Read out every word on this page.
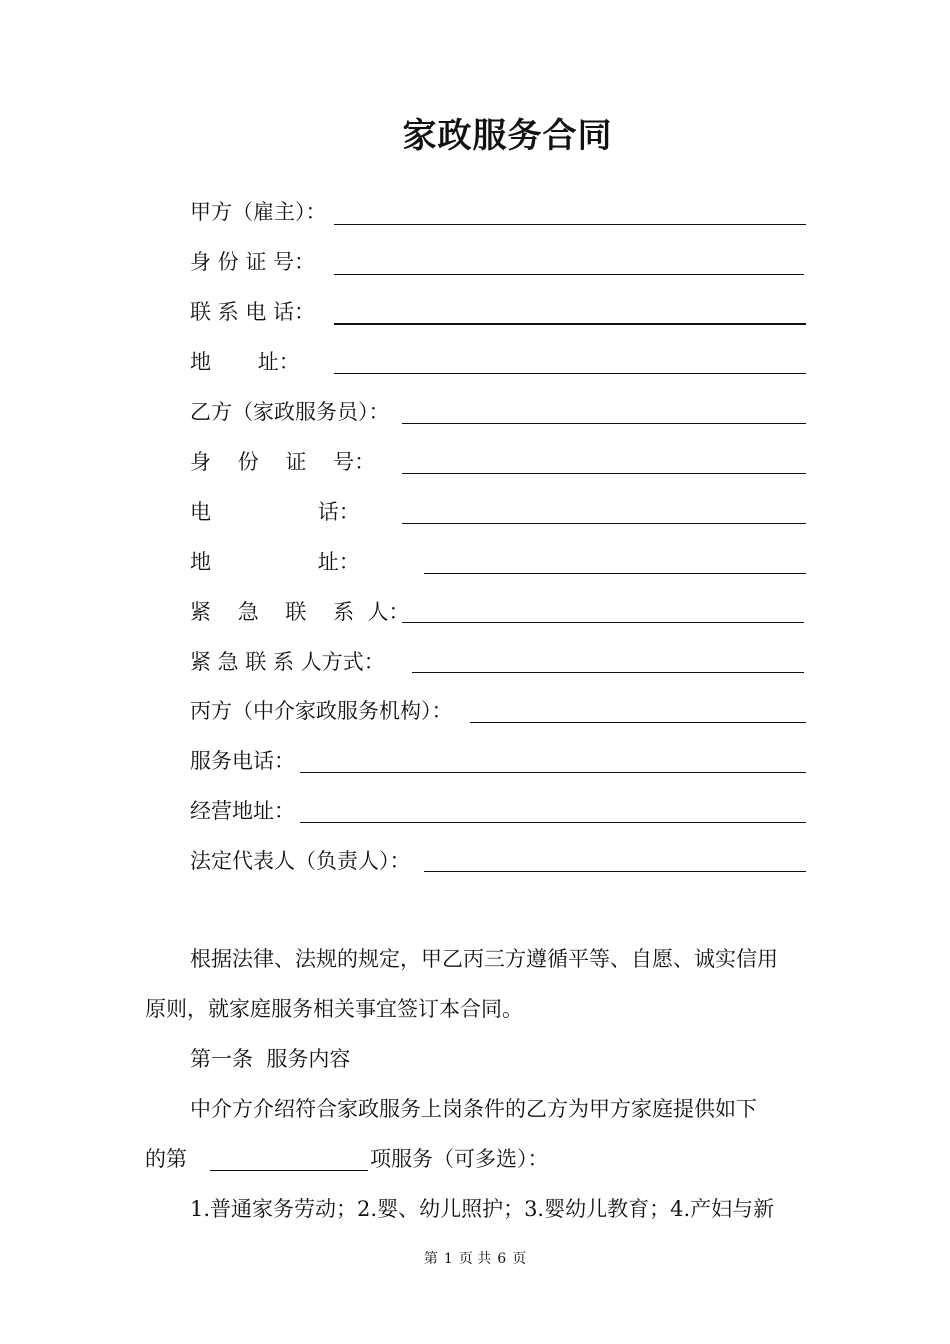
家政服务合同
甲方（雇主）：
身 份 证 号：
联 系 电 话：
地       址：
乙方（家政服务员）：
身    份    证    号：
电                话：
地                址：
紧    急    联    系  人：
紧 急 联 系 人方式：
丙方（中介家政服务机构）：
服务电话：
经营地址：
法定代表人（负责人）：
根据法律、法规的规定，甲乙丙三方遵循平等、自愿、诚实信用
原则，就家庭服务相关事宜签订本合同。
第一条  服务内容
中介方介绍符合家政服务上岗条件的乙方为甲方家庭提供如下
的第	项服务（可多选）：
1.普通家务劳动；2.婴、幼儿照护；3.婴幼儿教育；4.产妇与新
第 1 页 共 6 页
